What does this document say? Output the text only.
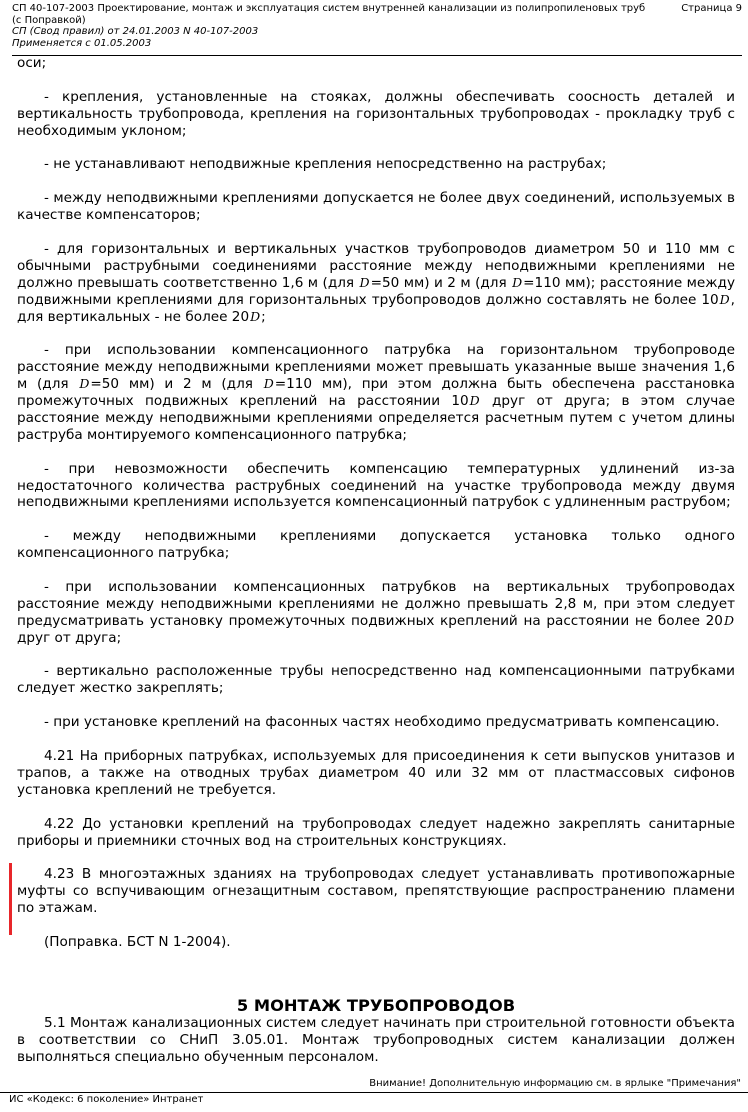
СП 40-107-2003 Проектирование, монтаж и эксплуатация систем внутренней канализации из полипропиленовых труб (с Поправкой)
СП (Свод правил) от 24.01.2003 N 40-107-2003
Применяется с 01.05.2003
Страница 9

оси;

- крепления, установленные на стояках, должны обеспечивать соосность деталей и вертикальность трубопровода, крепления на горизонтальных трубопроводах - прокладку труб с необходимым уклоном;

- не устанавливают неподвижные крепления непосредственно на раструбах;

- между неподвижными креплениями допускается не более двух соединений, используемых в качестве компенсаторов;

- для горизонтальных и вертикальных участков трубопроводов диаметром 50 и 110 мм с обычными раструбными соединениями расстояние между неподвижными креплениями не должно превышать соответственно 1,6 м (для D=50 мм) и 2 м (для D=110 мм); расстояние между подвижными креплениями для горизонтальных трубопроводов должно составлять не более 10D, для вертикальных - не более 20D;

- при использовании компенсационного патрубка на горизонтальном трубопроводе расстояние между неподвижными креплениями может превышать указанные выше значения 1,6 м (для D=50 мм) и 2 м (для D=110 мм), при этом должна быть обеспечена расстановка промежуточных подвижных креплений на расстоянии 10D друг от друга; в этом случае расстояние между неподвижными креплениями определяется расчетным путем с учетом длины раструба монтируемого компенсационного патрубка;

- при невозможности обеспечить компенсацию температурных удлинений из-за недостаточного количества раструбных соединений на участке трубопровода между двумя неподвижными креплениями используется компенсационный патрубок с удлиненным раструбом;

- между неподвижными креплениями допускается установка только одного компенсационного патрубка;

- при использовании компенсационных патрубков на вертикальных трубопроводах расстояние между неподвижными креплениями не должно превышать 2,8 м, при этом следует предусматривать установку промежуточных подвижных креплений на расстоянии не более 20D друг от друга;

- вертикально расположенные трубы непосредственно над компенсационными патрубками следует жестко закреплять;

- при установке креплений на фасонных частях необходимо предусматривать компенсацию.

4.21 На приборных патрубках, используемых для присоединения к сети выпусков унитазов и трапов, а также на отводных трубах диаметром 40 или 32 мм от пластмассовых сифонов установка креплений не требуется.

4.22 До установки креплений на трубопроводах следует надежно закреплять санитарные приборы и приемники сточных вод на строительных конструкциях.

4.23 В многоэтажных зданиях на трубопроводах следует устанавливать противопожарные муфты со вспучивающим огнезащитным составом, препятствующие распространению пламени по этажам.

(Поправка. БСТ N 1-2004).

5 МОНТАЖ ТРУБОПРОВОДОВ
5.1 Монтаж канализационных систем следует начинать при строительной готовности объекта в соответствии со СНиП 3.05.01. Монтаж трубопроводных систем канализации должен выполняться специально обученным персоналом.
Внимание! Дополнительную информацию см. в ярлыке "Примечания"
ИС «Кодекс: 6 поколение» Интранет
